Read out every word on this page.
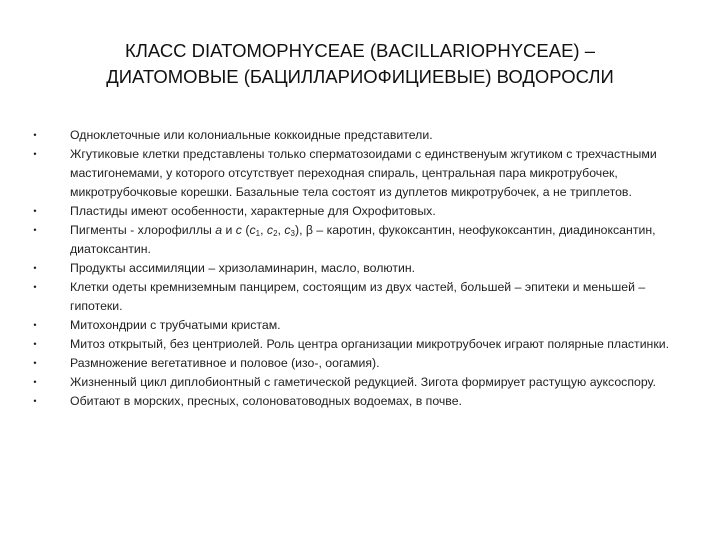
КЛАСС DIATOMOPHYCEAE (BACILLARIOPHYCEAE) –
ДИАТОМОВЫЕ (БАЦИЛЛАРИОФИЦИЕВЫЕ) ВОДОРОСЛИ
•	Одноклеточные или колониальные коккоидные представители.
•	Жгутиковые клетки представлены только сперматозоидами с единственуым жгутиком с трехчастными мастигонемами, у которого отсутствует переходная спираль, центральная пара микротрубочек, микротрубочковые корешки. Базальные тела состоят из дуплетов микротрубочек, а не триплетов.
•	Пластиды имеют особенности, характерные для Охрофитовых.
•	Пигменты - хлорофиллы а и с ($с_1$, $с_2$, $с_3$), β – каротин, фукоксантин, неофукоксантин, диадиноксантин, диатоксантин.
•	Продукты ассимиляции – хризоламинарин, масло, волютин.
•	Клетки одеты кремниземным панцирем, состоящим из двух частей, большей – эпитеки и меньшей – гипотеки.
•	Митохондрии с трубчатыми кристам.
•	Митоз открытый, без центриолей. Роль центра организации микротрубочек играют полярные пластинки.
•	Размножение вегетативное и половое (изо-, оогамия).
•	Жизненный цикл диплобионтный с гаметической редукцией. Зигота формирует растущую ауксоспору.
•	Обитают в морских, пресных, солоноватоводных водоемах, в почве.
